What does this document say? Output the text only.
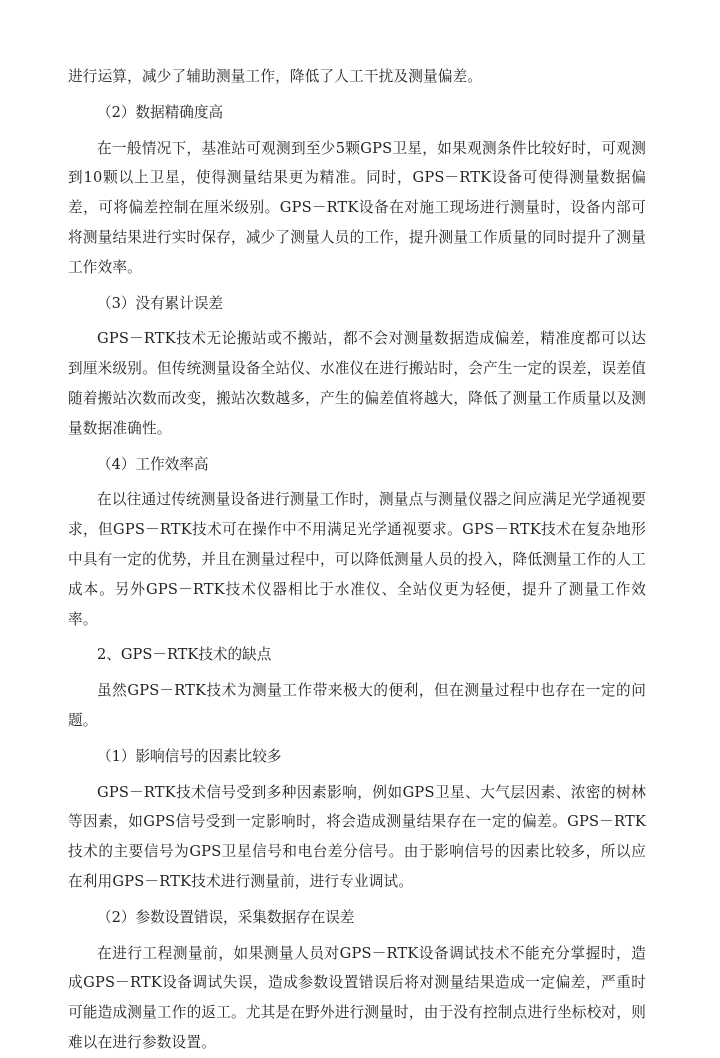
进行运算，减少了辅助测量工作，降低了人工干扰及测量偏差。

（2）数据精确度高

在一般情况下，基准站可观测到至少5颗GPS卫星，如果观测条件比较好时，可观测到10颗以上卫星，使得测量结果更为精准。同时，GPS－RTK设备可使得测量数据偏差，可将偏差控制在厘米级别。GPS－RTK设备在对施工现场进行测量时，设备内部可将测量结果进行实时保存，减少了测量人员的工作，提升测量工作质量的同时提升了测量工作效率。

（3）没有累计误差

GPS－RTK技术无论搬站或不搬站，都不会对测量数据造成偏差，精准度都可以达到厘米级别。但传统测量设备全站仪、水准仪在进行搬站时，会产生一定的误差，误差值随着搬站次数而改变，搬站次数越多，产生的偏差值将越大，降低了测量工作质量以及测量数据准确性。

（4）工作效率高

在以往通过传统测量设备进行测量工作时，测量点与测量仪器之间应满足光学通视要求，但GPS－RTK技术可在操作中不用满足光学通视要求。GPS－RTK技术在复杂地形中具有一定的优势，并且在测量过程中，可以降低测量人员的投入，降低测量工作的人工成本。另外GPS－RTK技术仪器相比于水准仪、全站仪更为轻便，提升了测量工作效率。

2、GPS－RTK技术的缺点

虽然GPS－RTK技术为测量工作带来极大的便利，但在测量过程中也存在一定的问题。

（1）影响信号的因素比较多

GPS－RTK技术信号受到多种因素影响，例如GPS卫星、大气层因素、浓密的树林等因素，如GPS信号受到一定影响时，将会造成测量结果存在一定的偏差。GPS－RTK技术的主要信号为GPS卫星信号和电台差分信号。由于影响信号的因素比较多，所以应在利用GPS－RTK技术进行测量前，进行专业调试。

（2）参数设置错误，采集数据存在误差

在进行工程测量前，如果测量人员对GPS－RTK设备调试技术不能充分掌握时，造成GPS－RTK设备调试失误，造成参数设置错误后将对测量结果造成一定偏差，严重时可能造成测量工作的返工。尤其是在野外进行测量时，由于没有控制点进行坐标校对，则难以在进行参数设置。
